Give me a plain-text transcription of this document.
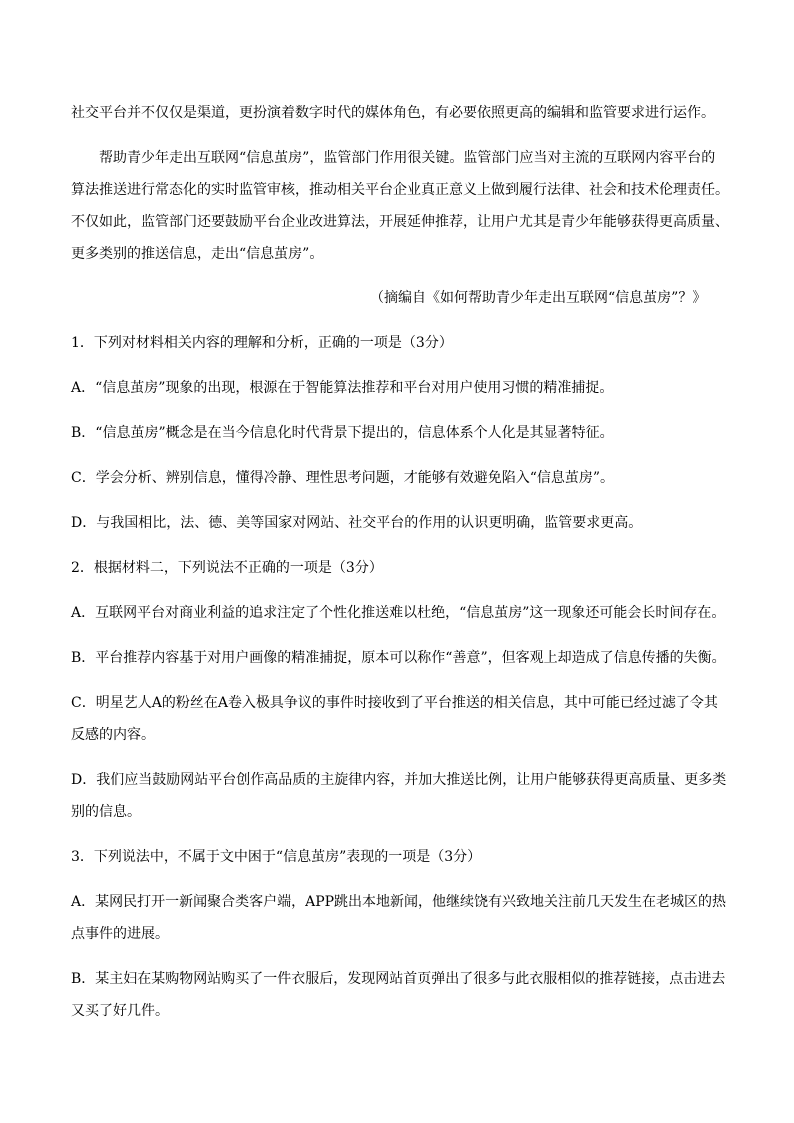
社交平台并不仅仅是渠道，更扮演着数字时代的媒体角色，有必要依照更高的编辑和监管要求进行运作。
帮助青少年走出互联网“信息茧房”，监管部门作用很关键。监管部门应当对主流的互联网内容平台的
算法推送进行常态化的实时监管审核，推动相关平台企业真正意义上做到履行法律、社会和技术伦理责任。
不仅如此，监管部门还要鼓励平台企业改进算法，开展延伸推荐，让用户尤其是青少年能够获得更高质量、
更多类别的推送信息，走出“信息茧房”。
（摘编自《如何帮助青少年走出互联网“信息茧房”？》
1．下列对材料相关内容的理解和分析，正确的一项是（3分）
A．“信息茧房”现象的出现，根源在于智能算法推荐和平台对用户使用习惯的精准捕捉。
B．“信息茧房”概念是在当今信息化时代背景下提出的，信息体系个人化是其显著特征。
C．学会分析、辨别信息，懂得冷静、理性思考问题，才能够有效避免陷入“信息茧房”。
D．与我国相比，法、德、美等国家对网站、社交平台的作用的认识更明确，监管要求更高。
2．根据材料二，下列说法不正确的一项是（3分）
A．互联网平台对商业利益的追求注定了个性化推送难以杜绝，“信息茧房”这一现象还可能会长时间存在。
B．平台推荐内容基于对用户画像的精准捕捉，原本可以称作“善意”，但客观上却造成了信息传播的失衡。
C．明星艺人A的粉丝在A卷入极具争议的事件时接收到了平台推送的相关信息，其中可能已经过滤了令其
反感的内容。
D．我们应当鼓励网站平台创作高品质的主旋律内容，并加大推送比例，让用户能够获得更高质量、更多类
别的信息。
3．下列说法中，不属于文中困于“信息茧房”表现的一项是（3分）
A．某网民打开一新闻聚合类客户端，APP跳出本地新闻，他继续饶有兴致地关注前几天发生在老城区的热
点事件的进展。
B．某主妇在某购物网站购买了一件衣服后，发现网站首页弹出了很多与此衣服相似的推荐链接，点击进去
又买了好几件。
